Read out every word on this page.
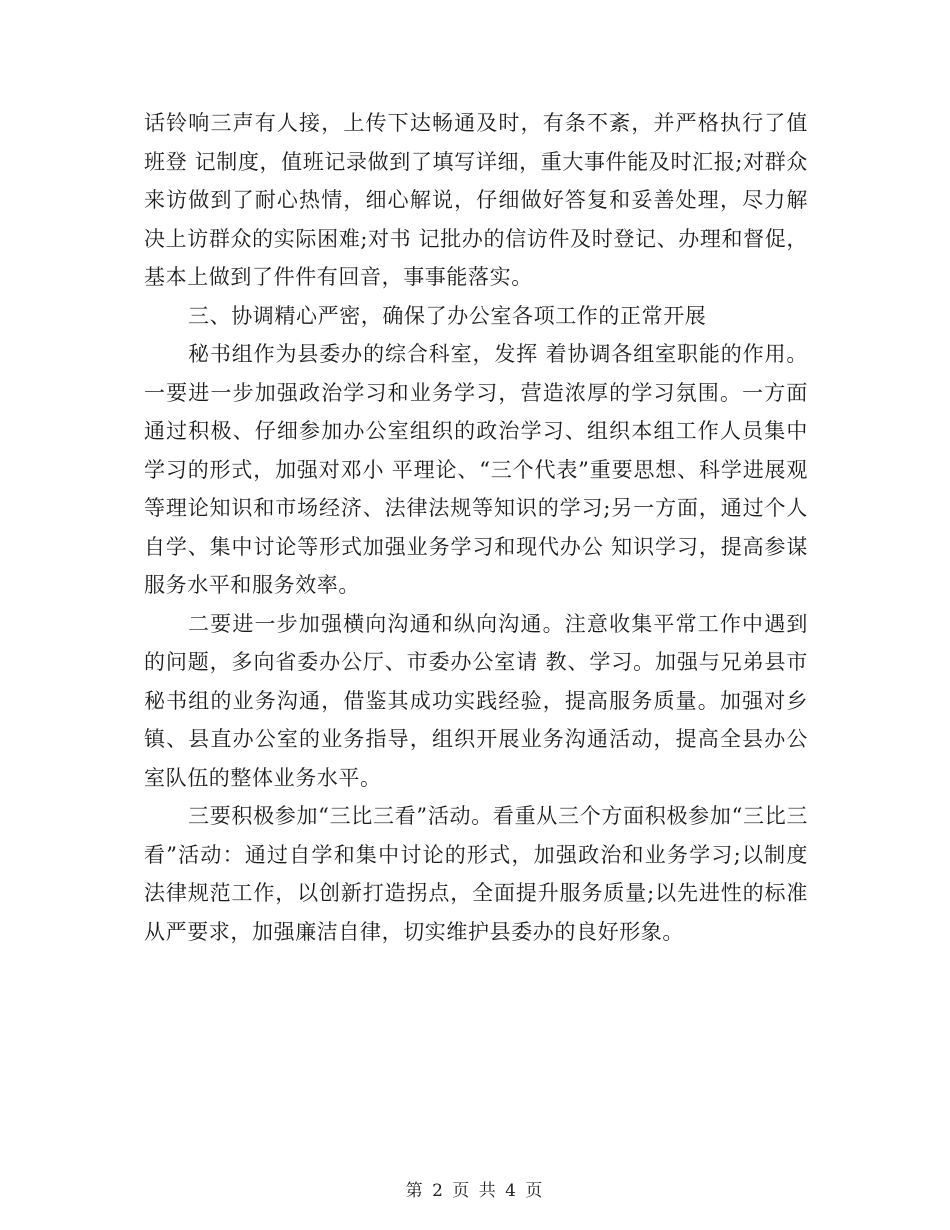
话铃响三声有人接，上传下达畅通及时，有条不紊，并严格执行了值班登 记制度，值班记录做到了填写详细，重大事件能及时汇报;对群众来访做到了耐心热情，细心解说，仔细做好答复和妥善处理，尽力解决上访群众的实际困难;对书 记批办的信访件及时登记、办理和督促，基本上做到了件件有回音，事事能落实。

三、协调精心严密，确保了办公室各项工作的正常开展

秘书组作为县委办的综合科室，发挥 着协调各组室职能的作用。一要进一步加强政治学习和业务学习，营造浓厚的学习氛围。一方面通过积极、仔细参加办公室组织的政治学习、组织本组工作人员集中学习的形式，加强对邓小 平理论、“三个代表”重要思想、科学进展观等理论知识和市场经济、法律法规等知识的学习;另一方面，通过个人自学、集中讨论等形式加强业务学习和现代办公 知识学习，提高参谋服务水平和服务效率。

二要进一步加强横向沟通和纵向沟通。注意收集平常工作中遇到的问题，多向省委办公厅、市委办公室请 教、学习。加强与兄弟县市秘书组的业务沟通，借鉴其成功实践经验，提高服务质量。加强对乡镇、县直办公室的业务指导，组织开展业务沟通活动，提高全县办公室队伍的整体业务水平。

三要积极参加“三比三看”活动。看重从三个方面积极参加“三比三看”活动：通过自学和集中讨论的形式，加强政治和业务学习;以制度法律规范工作，以创新打造拐点，全面提升服务质量;以先进性的标准从严要求，加强廉洁自律，切实维护县委办的良好形象。

第 2 页 共 4 页
